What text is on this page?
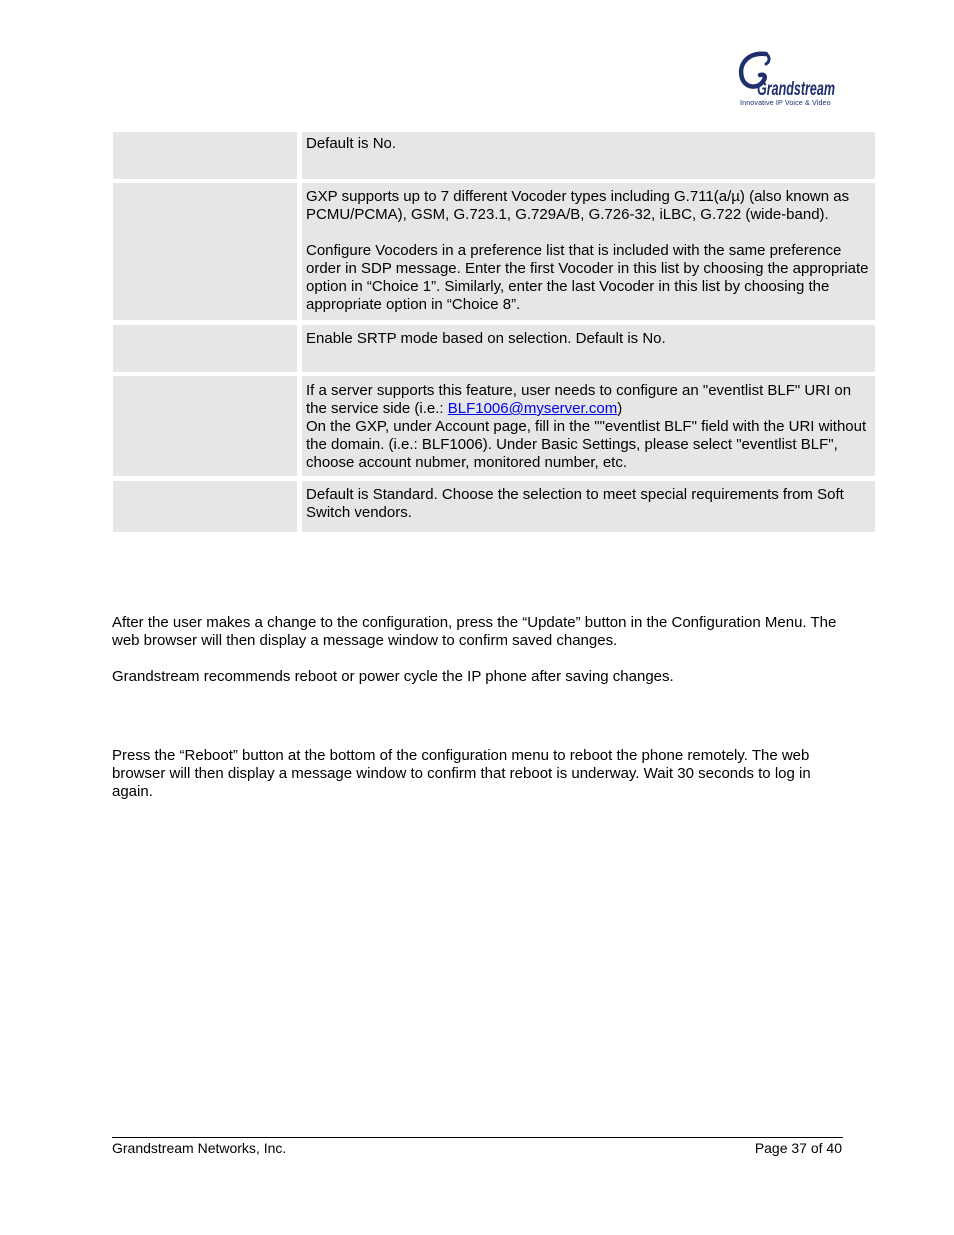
Grandstream
Innovative IP Voice & Video

Default is No.

GXP supports up to 7 different Vocoder types including G.711(a/µ) (also known as PCMU/PCMA), GSM, G.723.1, G.729A/B, G.726-32, iLBC, G.722 (wide-band).

Configure Vocoders in a preference list that is included with the same preference order in SDP message. Enter the first Vocoder in this list by choosing the appropriate option in “Choice 1”. Similarly, enter the last Vocoder in this list by choosing the appropriate option in “Choice 8”.

Enable SRTP mode based on selection. Default is No.

If a server supports this feature, user needs to configure an "eventlist BLF" URI on the service side (i.e.: BLF1006@myserver.com)

On the GXP, under Account page, fill in the ""eventlist BLF" field with the URI without the domain. (i.e.: BLF1006). Under Basic Settings, please select "eventlist BLF", choose account nubmer, monitored number, etc.

Default is Standard. Choose the selection to meet special requirements from Soft Switch vendors.

After the user makes a change to the configuration, press the “Update” button in the Configuration Menu. The web browser will then display a message window to confirm saved changes.

Grandstream recommends reboot or power cycle the IP phone after saving changes.

Press the “Reboot” button at the bottom of the configuration menu to reboot the phone remotely. The web browser will then display a message window to confirm that reboot is underway. Wait 30 seconds to log in again.

Grandstream Networks, Inc.	Page 37 of 40
